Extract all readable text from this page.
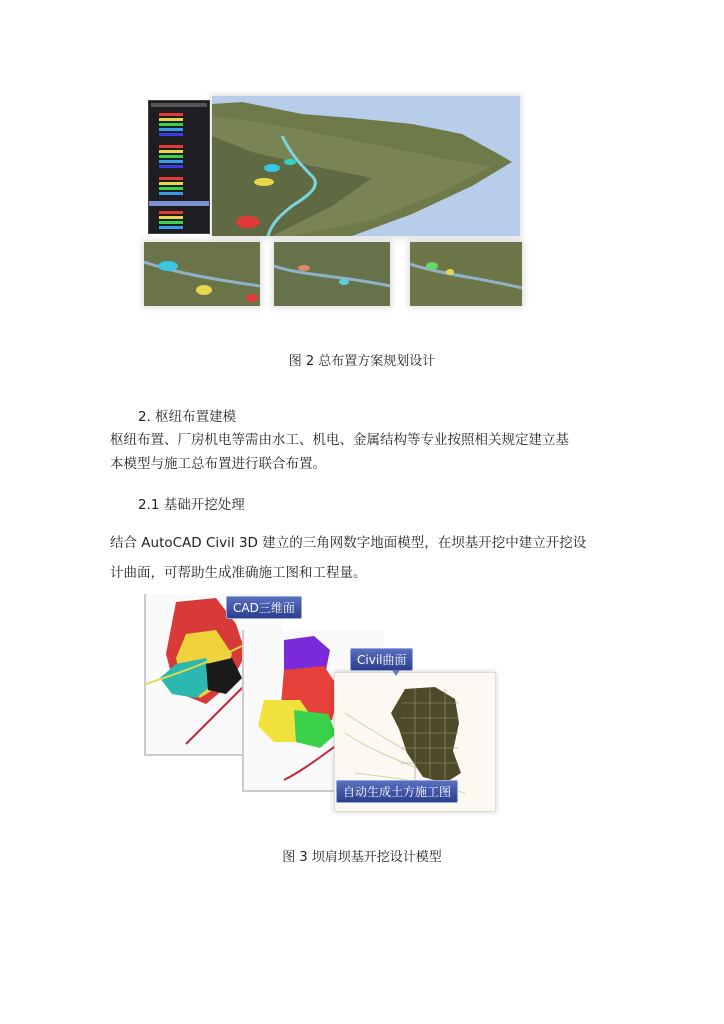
图 2 总布置方案规划设计
2. 枢纽布置建模
枢纽布置、厂房机电等需由水工、机电、金属结构等专业按照相关规定建立基
本模型与施工总布置进行联合布置。
2.1 基础开挖处理
结合 AutoCAD Civil 3D 建立的三角网数字地面模型，在坝基开挖中建立开挖设
计曲面，可帮助生成准确施工图和工程量。
CAD三维面
Civil曲面
自动生成土方施工图
图 3 坝肩坝基开挖设计模型
